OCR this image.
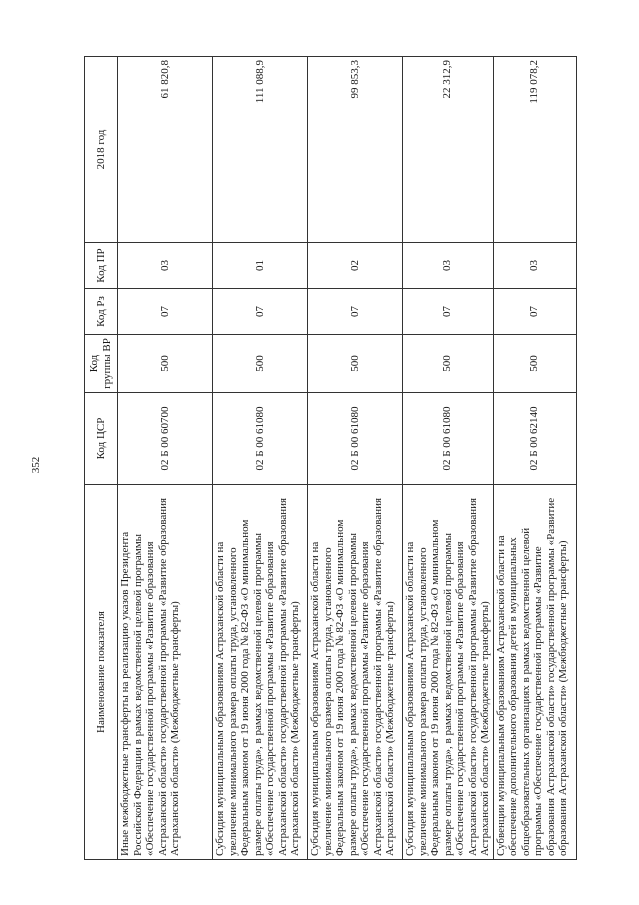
352
Наименование показателя	Код ЦСР	Код группы ВР	Код Рз	Код ПР	2018 год
Иные межбюджетные трансферты на реализацию указов Президента Российской Федерации в рамках ведомственной целевой программы «Обеспечение государственной программы «Развитие образования Астраханской области» государственной программы «Развитие образования Астраханской области» (Межбюджетные трансферты)	02 Б 00 60700	500	07	03	61 820,8
Субсидия муниципальным образованиям Астраханской области на увеличение минимального размера оплаты труда, установленного Федеральным законом от 19 июня 2000 года № 82-ФЗ «О минимальном размере оплаты труда», в рамках ведомственной целевой программы «Обеспечение государственной программы «Развитие образования Астраханской области» государственной программы «Развитие образования Астраханской области» (Межбюджетные трансферты)	02 Б 00 61080	500	07	01	111 088,9
Субсидия муниципальным образованиям Астраханской области на увеличение минимального размера оплаты труда, установленного Федеральным законом от 19 июня 2000 года № 82-ФЗ «О минимальном размере оплаты труда», в рамках ведомственной целевой программы «Обеспечение государственной программы «Развитие образования Астраханской области» государственной программы «Развитие образования Астраханской области» (Межбюджетные трансферты)	02 Б 00 61080	500	07	02	99 853,3
Субсидия муниципальным образованиям Астраханской области на увеличение минимального размера оплаты труда, установленного Федеральным законом от 19 июня 2000 года № 82-ФЗ «О минимальном размере оплаты труда», в рамках ведомственной целевой программы «Обеспечение государственной программы «Развитие образования Астраханской области» государственной программы «Развитие образования Астраханской области» (Межбюджетные трансферты)	02 Б 00 61080	500	07	03	22 312,9
Субвенции муниципальным образованиям Астраханской области на обеспечение дополнительного образования детей в муниципальных общеобразовательных организациях в рамках ведомственной целевой программы «Обеспечение государственной программы «Развитие образования Астраханской области» государственной программы «Развитие образования Астраханской области» (Межбюджетные трансферты)	02 Б 00 62140	500	07	03	119 078,2
